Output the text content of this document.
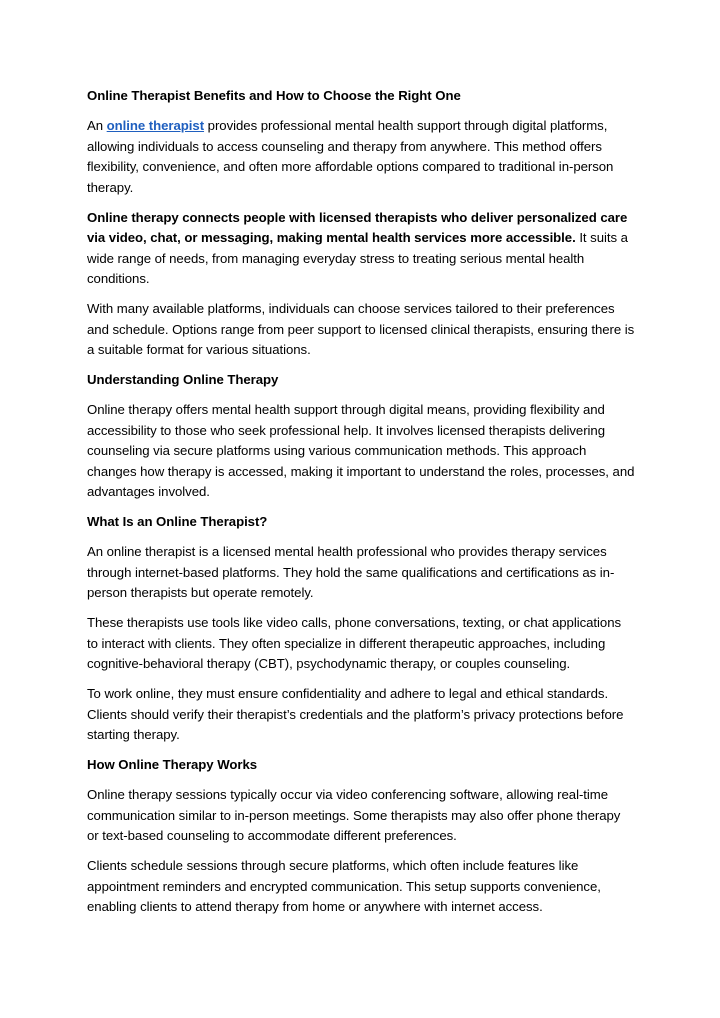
Online Therapist Benefits and How to Choose the Right One
An online therapist provides professional mental health support through digital platforms, allowing individuals to access counseling and therapy from anywhere. This method offers flexibility, convenience, and often more affordable options compared to traditional in-person therapy.
Online therapy connects people with licensed therapists who deliver personalized care via video, chat, or messaging, making mental health services more accessible. It suits a wide range of needs, from managing everyday stress to treating serious mental health conditions.
With many available platforms, individuals can choose services tailored to their preferences and schedule. Options range from peer support to licensed clinical therapists, ensuring there is a suitable format for various situations.
Understanding Online Therapy
Online therapy offers mental health support through digital means, providing flexibility and accessibility to those who seek professional help. It involves licensed therapists delivering counseling via secure platforms using various communication methods. This approach changes how therapy is accessed, making it important to understand the roles, processes, and advantages involved.
What Is an Online Therapist?
An online therapist is a licensed mental health professional who provides therapy services through internet-based platforms. They hold the same qualifications and certifications as in-person therapists but operate remotely.
These therapists use tools like video calls, phone conversations, texting, or chat applications to interact with clients. They often specialize in different therapeutic approaches, including cognitive-behavioral therapy (CBT), psychodynamic therapy, or couples counseling.
To work online, they must ensure confidentiality and adhere to legal and ethical standards. Clients should verify their therapist’s credentials and the platform’s privacy protections before starting therapy.
How Online Therapy Works
Online therapy sessions typically occur via video conferencing software, allowing real-time communication similar to in-person meetings. Some therapists may also offer phone therapy or text-based counseling to accommodate different preferences.
Clients schedule sessions through secure platforms, which often include features like appointment reminders and encrypted communication. This setup supports convenience, enabling clients to attend therapy from home or anywhere with internet access.
